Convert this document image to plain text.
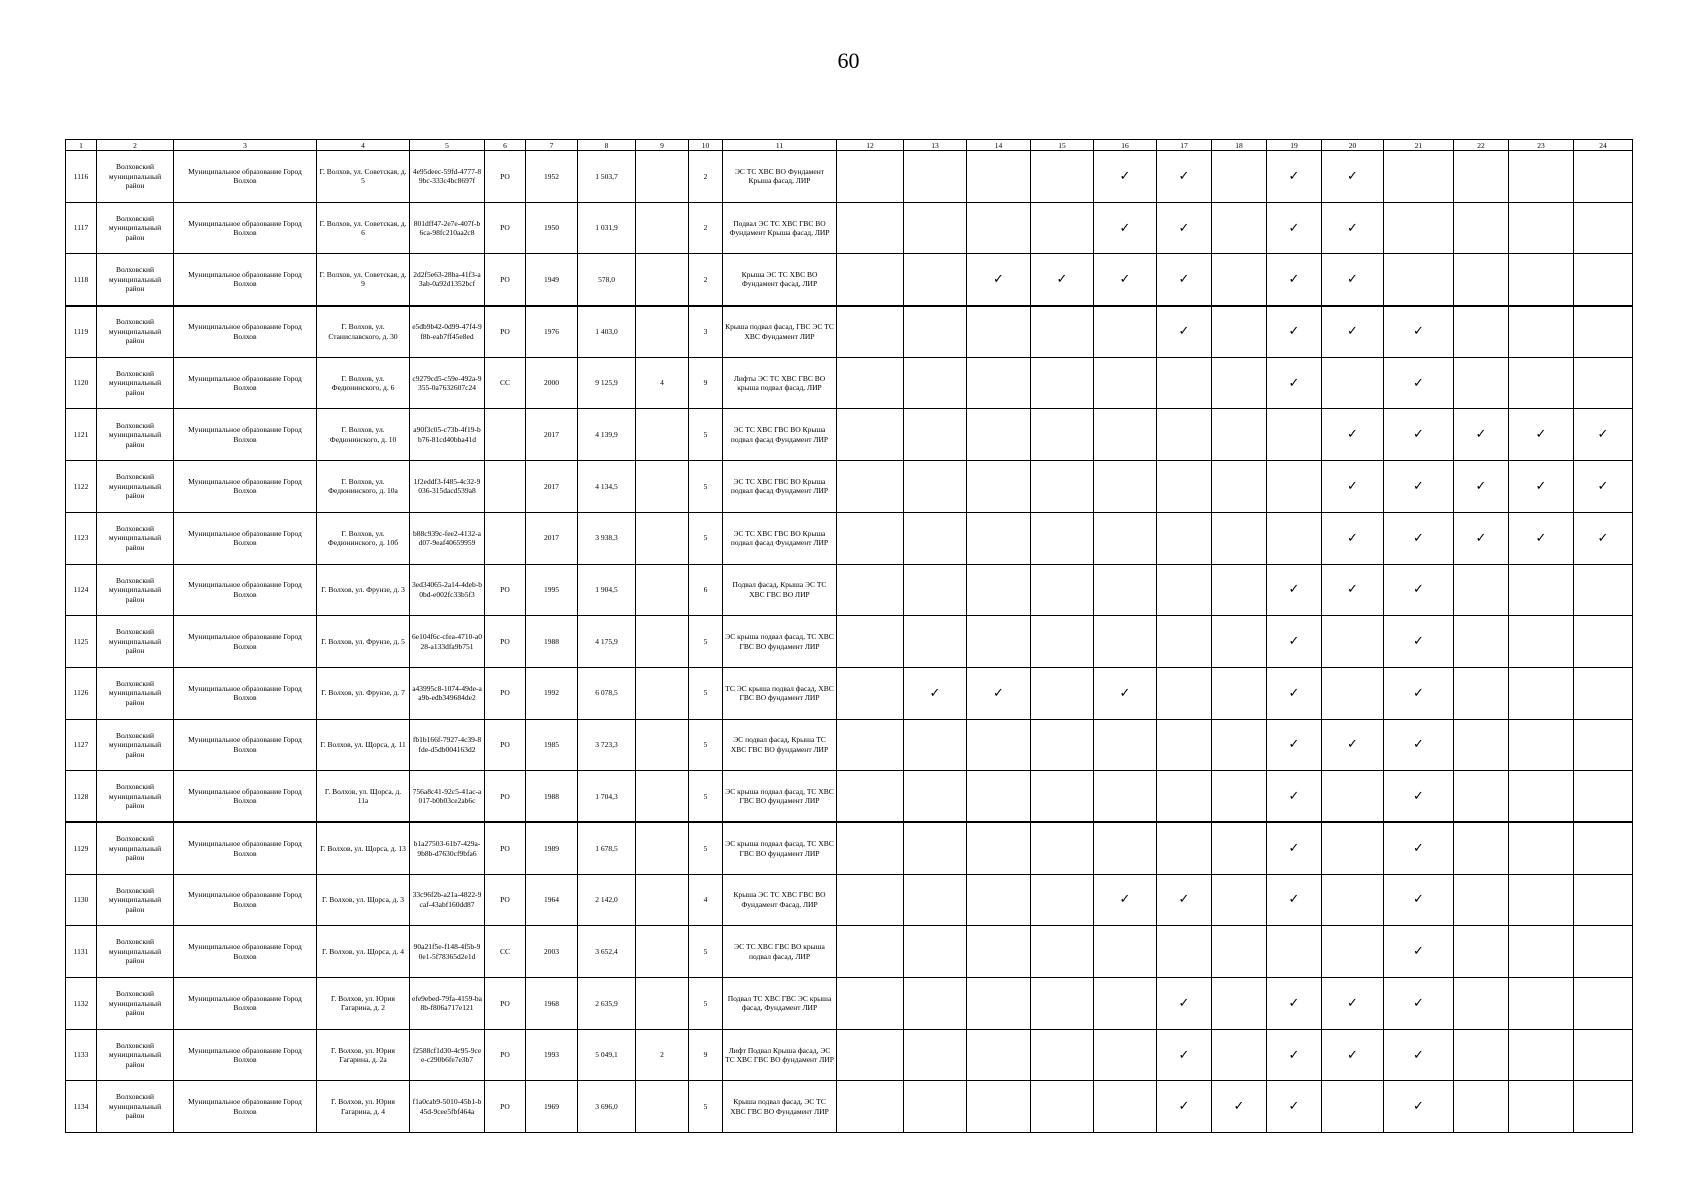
60
1	2	3	4	5	6	7	8	9	10	11	12	13	14	15	16	17	18	19	20	21	22	23	24
1116	Волховский муниципальный район	Муниципальное образование Город Волхов	Г. Волхов, ул. Советская, д. 5	4e95deec-59fd-4777-89bc-333c4bc8697f	РО	1952	1 503,7		2	ЭС ТС ХВС ВО Фундамент Крыша фасад, ЛИР					✓	✓		✓	✓				
1117	Волховский муниципальный район	Муниципальное образование Город Волхов	Г. Волхов, ул. Советская, д. 6	801dff47-2e7e-407f-b6ca-98fc210aa2c8	РО	1950	1 031,9		2	Подвал ЭС ТС ХВС ГВС ВО Фундамент Крыша фасад, ЛИР					✓	✓		✓	✓				
1118	Волховский муниципальный район	Муниципальное образование Город Волхов	Г. Волхов, ул. Советская, д. 9	2d2f5e63-28ba-41f3-a3ab-0a92d1352bcf	РО	1949	578,0		2	Крыша ЭС ТС ХВС ВО Фундамент фасад, ЛИР			✓	✓	✓	✓		✓	✓				
1119	Волховский муниципальный район	Муниципальное образование Город Волхов	Г. Волхов, ул. Станиславского, д. 30	e5db9b42-0d99-47f4-9f8b-eab7ff45e8ed	РО	1976	1 403,0		3	Крыша подвал фасад, ГВС ЭС ТС ХВС Фундамент ЛИР						✓		✓	✓	✓			
1120	Волховский муниципальный район	Муниципальное образование Город Волхов	Г. Волхов, ул. Федюнинского, д. 6	c9279cd5-c59e-492a-9355-0a7632607c24	СС	2000	9 125,9	4	9	Лифты ЭС ТС ХВС ГВС ВО крыша подвал фасад, ЛИР								✓		✓			
1121	Волховский муниципальный район	Муниципальное образование Город Волхов	Г. Волхов, ул. Федюнинского, д. 10	a90f3c05-c73b-4f19-bb76-81cd40bba41d		2017	4 139,9		5	ЭС ТС ХВС ГВС ВО Крыша подвал фасад Фундамент ЛИР									✓	✓	✓	✓	✓
1122	Волховский муниципальный район	Муниципальное образование Город Волхов	Г. Волхов, ул. Федюнинского, д. 10а	1f2eddf3-f485-4c32-9036-315dacd539a8		2017	4 134,5		5	ЭС ТС ХВС ГВС ВО Крыша подвал фасад Фундамент ЛИР									✓	✓	✓	✓	✓
1123	Волховский муниципальный район	Муниципальное образование Город Волхов	Г. Волхов, ул. Федюнинского, д. 10б	b88c939c-fee2-4132-ad07-9eaf40659959		2017	3 938,3		5	ЭС ТС ХВС ГВС ВО Крыша подвал фасад Фундамент ЛИР									✓	✓	✓	✓	✓
1124	Волховский муниципальный район	Муниципальное образование Город Волхов	Г. Волхов, ул. Фрунзе, д. 3	3ed34065-2a14-4deb-b0bd-e002fc33b5f3	РО	1995	1 904,5		6	Подвал фасад, Крыша ЭС ТС ХВС ГВС ВО ЛИР								✓	✓	✓			
1125	Волховский муниципальный район	Муниципальное образование Город Волхов	Г. Волхов, ул. Фрунзе, д. 5	6e104f6c-cfea-4710-a028-a133dfa9b751	РО	1988	4 175,9		5	ЭС крыша подвал фасад, ТС ХВС ГВС ВО фундамент ЛИР								✓		✓			
1126	Волховский муниципальный район	Муниципальное образование Город Волхов	Г. Волхов, ул. Фрунзе, д. 7	a43995c8-1074-49de-aa9b-edb349684de2	РО	1992	6 078,5		5	ТС ЭС крыша подвал фасад, ХВС ГВС ВО фундамент ЛИР		✓	✓		✓			✓		✓			
1127	Волховский муниципальный район	Муниципальное образование Город Волхов	Г. Волхов, ул. Щорса, д. 11	fb1b166f-7927-4c39-8fde-d5db004163d2	РО	1985	3 723,3		5	ЭС подвал фасад, Крыша ТС ХВС ГВС ВО фундамент ЛИР								✓	✓	✓			
1128	Волховский муниципальный район	Муниципальное образование Город Волхов	Г. Волхов, ул. Щорса, д. 11а	756a8c41-92c5-41ac-a017-b0b03ce2ab6c	РО	1988	1 704,3		5	ЭС крыша подвал фасад, ТС ХВС ГВС ВО фундамент ЛИР								✓		✓			
1129	Волховский муниципальный район	Муниципальное образование Город Волхов	Г. Волхов, ул. Щорса, д. 13	b1a27503-61b7-429a-9b8b-d7630cf9bfa6	РО	1989	1 678,5		5	ЭС крыша подвал фасад, ТС ХВС ГВС ВО фундамент ЛИР								✓		✓			
1130	Волховский муниципальный район	Муниципальное образование Город Волхов	Г. Волхов, ул. Щорса, д. 3	33c96f2b-a21a-4822-9caf-43abf160dd87	РО	1964	2 142,0		4	Крыша ЭС ТС ХВС ГВС ВО Фундамент Фасад, ЛИР					✓	✓		✓		✓			
1131	Волховский муниципальный район	Муниципальное образование Город Волхов	Г. Волхов, ул. Щорса, д. 4	90a21f5e-f148-4f5b-90e1-5f78365d2e1d	СС	2003	3 652,4		5	ЭС ТС ХВС ГВС ВО крыша подвал фасад, ЛИР										✓			
1132	Волховский муниципальный район	Муниципальное образование Город Волхов	Г. Волхов, ул. Юрия Гагарина, д. 2	efe9ebed-79fa-4159-ba8b-f806a717e121	РО	1968	2 635,9		5	Подвал ТС ХВС ГВС ЭС крыша фасад, Фундамент ЛИР						✓		✓	✓	✓			
1133	Волховский муниципальный район	Муниципальное образование Город Волхов	Г. Волхов, ул. Юрия Гагарина, д. 2а	f2588cf1d30-4c95-9cee-c290b6fe7e3b7	РО	1993	5 049,1	2	9	Лифт Подвал Крыша фасад, ЭС ТС ХВС ГВС ВО фундамент ЛИР						✓		✓	✓	✓			
1134	Волховский муниципальный район	Муниципальное образование Город Волхов	Г. Волхов, ул. Юрия Гагарина, д. 4	f1a0cab9-5010-45b1-b45d-9cee5fbf464a	РО	1969	3 696,0		5	Крыша подвал фасад, ЭС ТС ХВС ГВС ВО Фундамент ЛИР						✓	✓	✓		✓			
